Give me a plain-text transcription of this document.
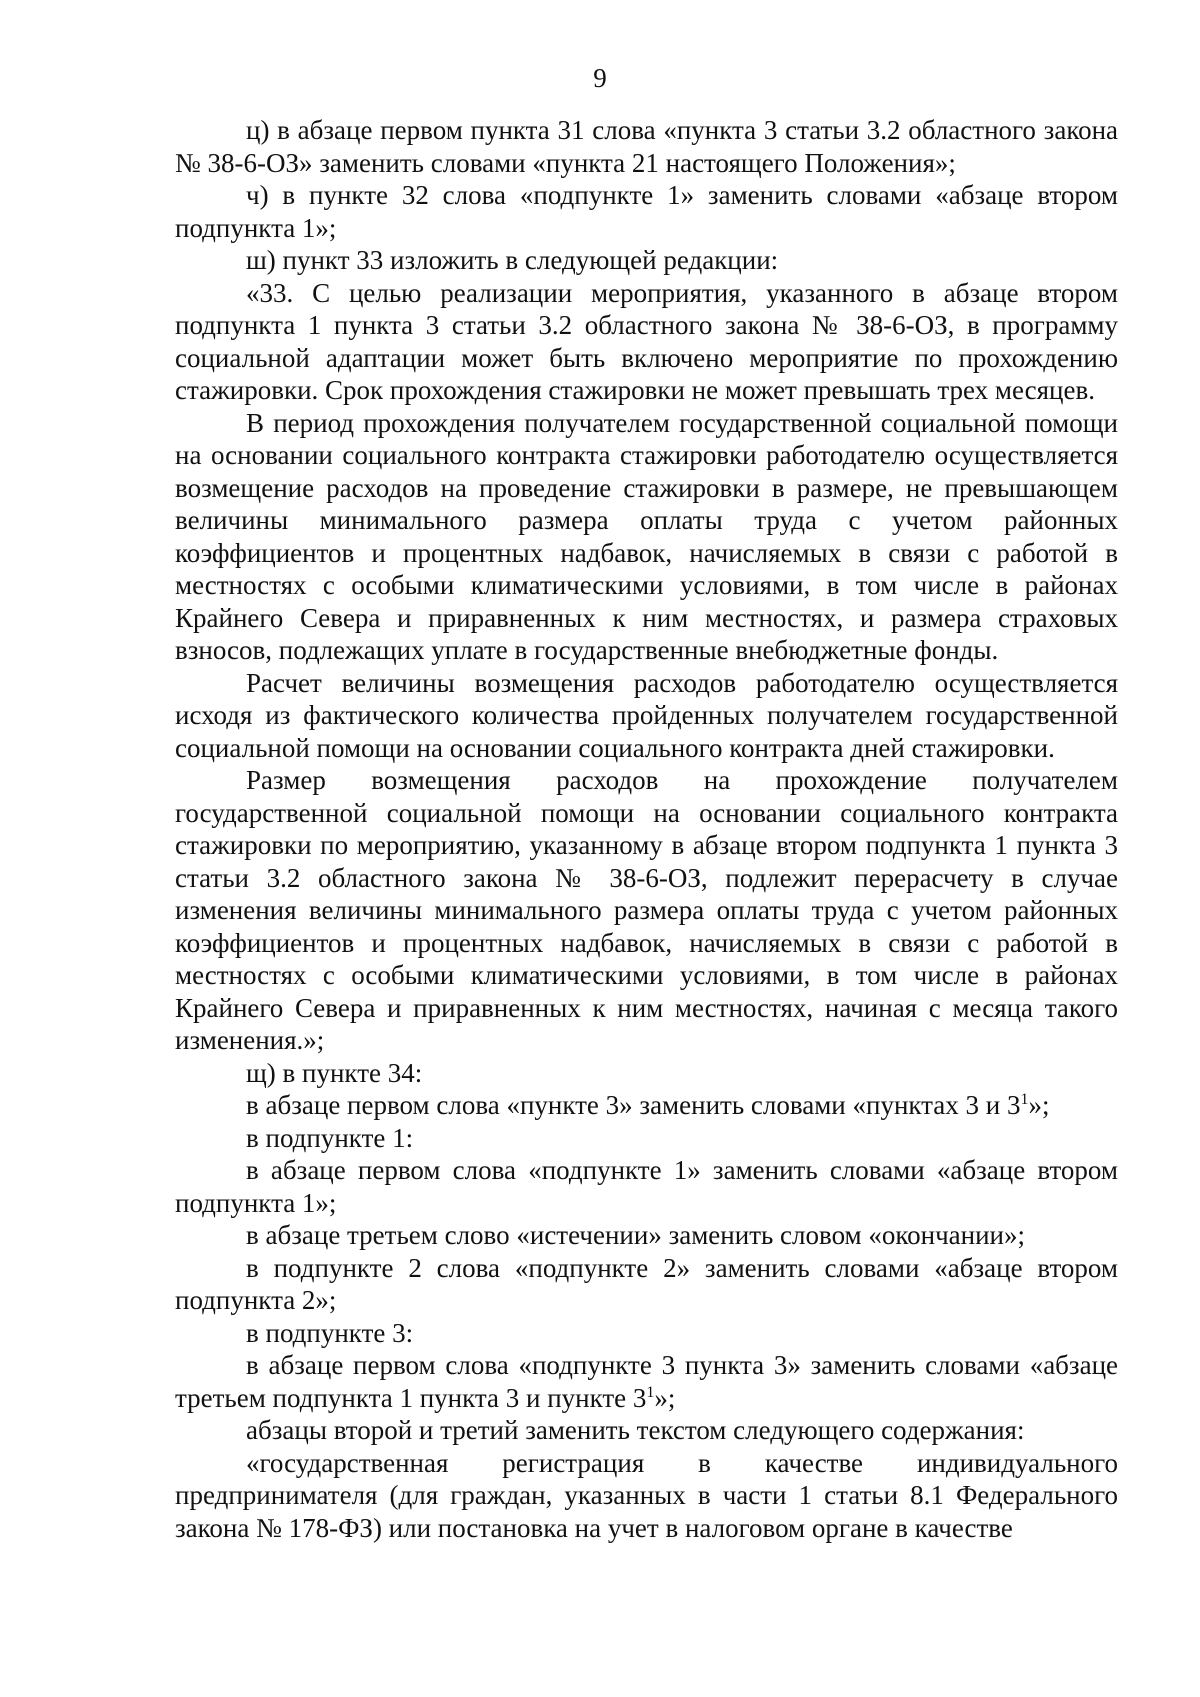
9

ц) в абзаце первом пункта 31 слова «пункта 3 статьи 3.2 областного закона № 38-6-ОЗ» заменить словами «пункта 21 настоящего Положения»;

ч) в пункте 32 слова «подпункте 1» заменить словами «абзаце втором подпункта 1»;

ш) пункт 33 изложить в следующей редакции:

«33. С целью реализации мероприятия, указанного в абзаце втором подпункта 1 пункта 3 статьи 3.2 областного закона № 38-6-ОЗ, в программу социальной адаптации может быть включено мероприятие по прохождению стажировки. Срок прохождения стажировки не может превышать трех месяцев.

В период прохождения получателем государственной социальной помощи на основании социального контракта стажировки работодателю осуществляется возмещение расходов на проведение стажировки в размере, не превышающем величины минимального размера оплаты труда с учетом районных коэффициентов и процентных надбавок, начисляемых в связи с работой в местностях с особыми климатическими условиями, в том числе в районах Крайнего Севера и приравненных к ним местностях, и размера страховых взносов, подлежащих уплате в государственные внебюджетные фонды.

Расчет величины возмещения расходов работодателю осуществляется исходя из фактического количества пройденных получателем государственной социальной помощи на основании социального контракта дней стажировки.

Размер возмещения расходов на прохождение получателем государственной социальной помощи на основании социального контракта стажировки по мероприятию, указанному в абзаце втором подпункта 1 пункта 3 статьи 3.2 областного закона № 38-6-ОЗ, подлежит перерасчету в случае изменения величины минимального размера оплаты труда с учетом районных коэффициентов и процентных надбавок, начисляемых в связи с работой в местностях с особыми климатическими условиями, в том числе в районах Крайнего Севера и приравненных к ним местностях, начиная с месяца такого изменения.»;

щ) в пункте 34:

в абзаце первом слова «пункте 3» заменить словами «пунктах 3 и $3^1$»;

в подпункте 1:

в абзаце первом слова «подпункте 1» заменить словами «абзаце втором подпункта 1»;

в абзаце третьем слово «истечении» заменить словом «окончании»;

в подпункте 2 слова «подпункте 2» заменить словами «абзаце втором подпункта 2»;

в подпункте 3:

в абзаце первом слова «подпункте 3 пункта 3» заменить словами «абзаце третьем подпункта 1 пункта 3 и пункте $3^1$»;

абзацы второй и третий заменить текстом следующего содержания:

«государственная регистрация в качестве индивидуального предпринимателя (для граждан, указанных в части 1 статьи 8.1 Федерального закона № 178-ФЗ) или постановка на учет в налоговом органе в качестве
